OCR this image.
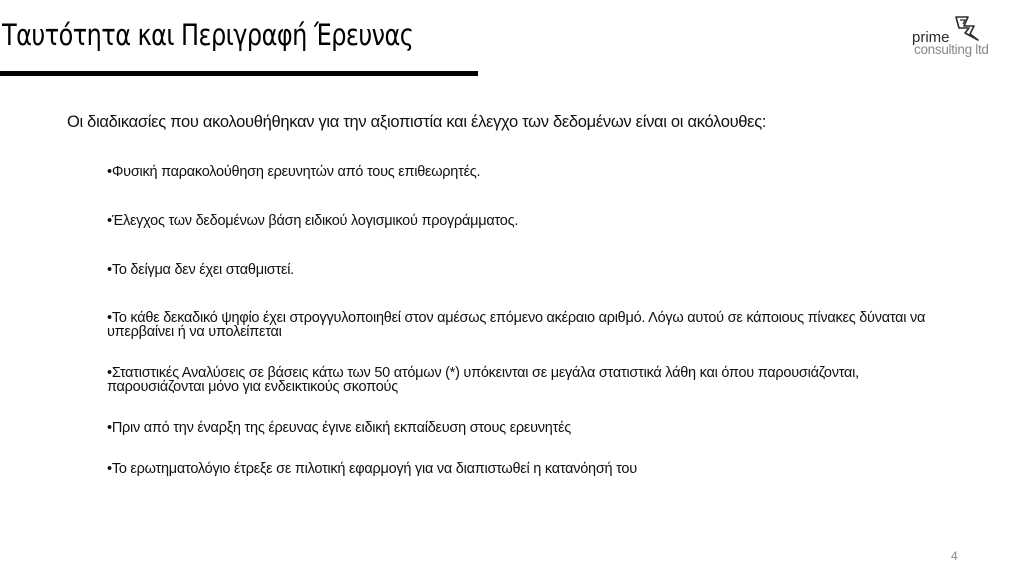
Ταυτότητα και Περιγραφή Έρευνας	prime
consulting ltd
Οι διαδικασίες που ακολουθήθηκαν για την αξιοπιστία και έλεγχο των δεδομένων είναι οι ακόλουθες:
•Φυσική παρακολούθηση ερευνητών από τους επιθεωρητές.
•Έλεγχος των δεδομένων βάση ειδικού λογισμικού προγράμματος.
•Το δείγμα δεν έχει σταθμιστεί.
•Το κάθε δεκαδικό ψηφίο έχει στρογγυλοποιηθεί στον αμέσως επόμενο ακέραιο αριθμό. Λόγω αυτού σε κάποιους πίνακες δύναται να υπερβαίνει ή να υπολείπεται
•Στατιστικές Αναλύσεις σε βάσεις κάτω των 50 ατόμων (*) υπόκεινται σε μεγάλα στατιστικά λάθη και όπου παρουσιάζονται, παρουσιάζονται μόνο για ενδεικτικούς σκοπούς
•Πριν από την έναρξη της έρευνας έγινε ειδική εκπαίδευση στους ερευνητές
•Το ερωτηματολόγιο έτρεξε σε πιλοτική εφαρμογή για να διαπιστωθεί η κατανόησή του
4
